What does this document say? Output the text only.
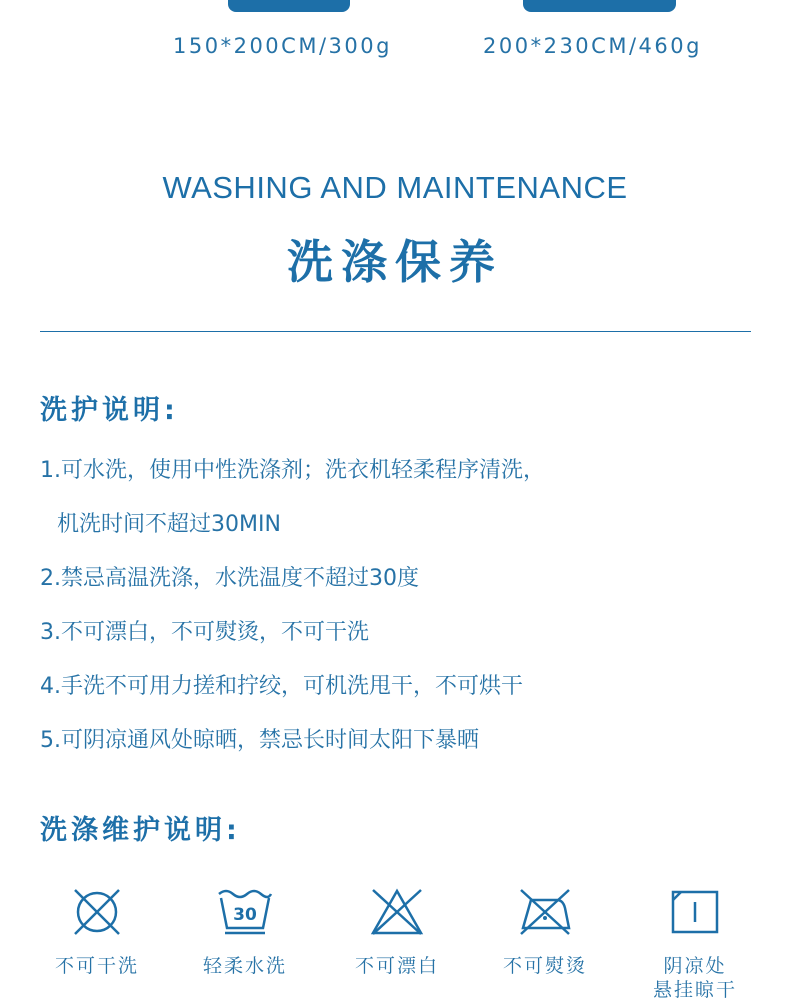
150*200CM/300g	200*230CM/460g
WASHING AND MAINTENANCE
洗涤保养
洗护说明:
1.可水洗，使用中性洗涤剂；洗衣机轻柔程序清洗，
机洗时间不超过30MIN
2.禁忌高温洗涤，水洗温度不超过30度
3.不可漂白，不可熨烫，不可干洗
4.手洗不可用力搓和拧绞，可机洗甩干，不可烘干
5.可阴凉通风处晾晒，禁忌长时间太阳下暴晒
洗涤维护说明:
不可干洗
30
轻柔水洗	不可漂白	不可熨烫	阴凉处
悬挂晾干
